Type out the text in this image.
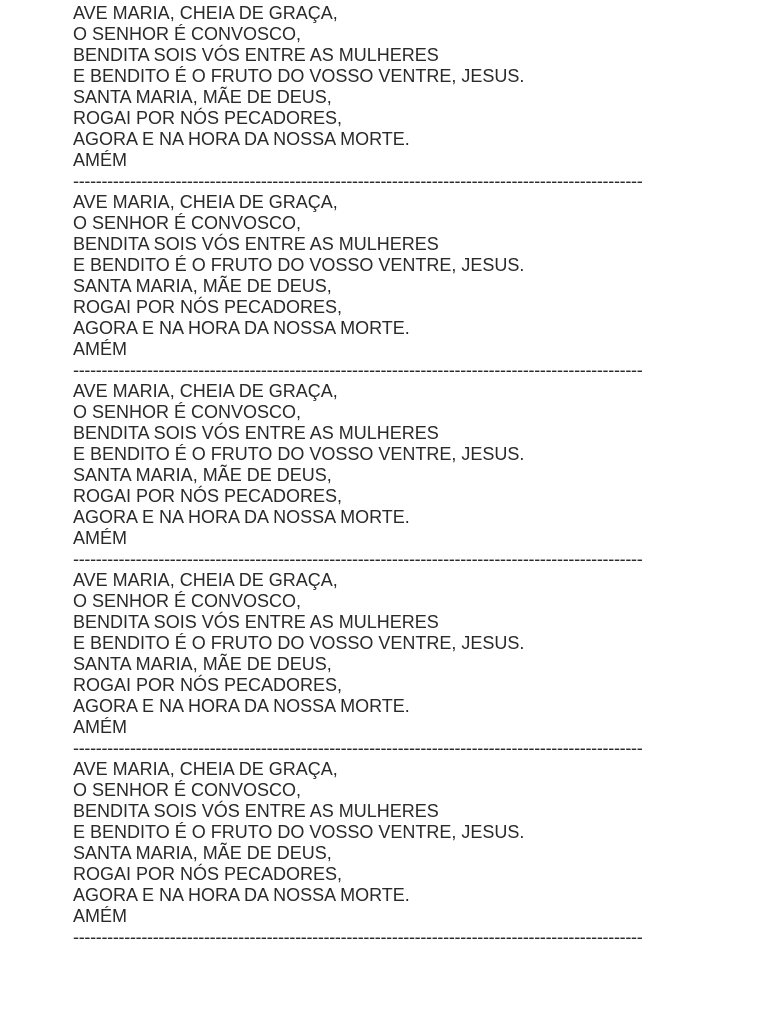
AVE MARIA, CHEIA DE GRAÇA,
O SENHOR É CONVOSCO,
BENDITA SOIS VÓS ENTRE AS MULHERES
E BENDITO É O FRUTO DO VOSSO VENTRE, JESUS.
SANTA MARIA, MÃE DE DEUS,
ROGAI POR NÓS PECADORES,
AGORA E NA HORA DA NOSSA MORTE.
AMÉM
----------------------------------------------------------------------------------------------------
AVE MARIA, CHEIA DE GRAÇA,
O SENHOR É CONVOSCO,
BENDITA SOIS VÓS ENTRE AS MULHERES
E BENDITO É O FRUTO DO VOSSO VENTRE, JESUS.
SANTA MARIA, MÃE DE DEUS,
ROGAI POR NÓS PECADORES,
AGORA E NA HORA DA NOSSA MORTE.
AMÉM
----------------------------------------------------------------------------------------------------
AVE MARIA, CHEIA DE GRAÇA,
O SENHOR É CONVOSCO,
BENDITA SOIS VÓS ENTRE AS MULHERES
E BENDITO É O FRUTO DO VOSSO VENTRE, JESUS.
SANTA MARIA, MÃE DE DEUS,
ROGAI POR NÓS PECADORES,
AGORA E NA HORA DA NOSSA MORTE.
AMÉM
----------------------------------------------------------------------------------------------------
AVE MARIA, CHEIA DE GRAÇA,
O SENHOR É CONVOSCO,
BENDITA SOIS VÓS ENTRE AS MULHERES
E BENDITO É O FRUTO DO VOSSO VENTRE, JESUS.
SANTA MARIA, MÃE DE DEUS,
ROGAI POR NÓS PECADORES,
AGORA E NA HORA DA NOSSA MORTE.
AMÉM
----------------------------------------------------------------------------------------------------
AVE MARIA, CHEIA DE GRAÇA,
O SENHOR É CONVOSCO,
BENDITA SOIS VÓS ENTRE AS MULHERES
E BENDITO É O FRUTO DO VOSSO VENTRE, JESUS.
SANTA MARIA, MÃE DE DEUS,
ROGAI POR NÓS PECADORES,
AGORA E NA HORA DA NOSSA MORTE.
AMÉM
----------------------------------------------------------------------------------------------------
